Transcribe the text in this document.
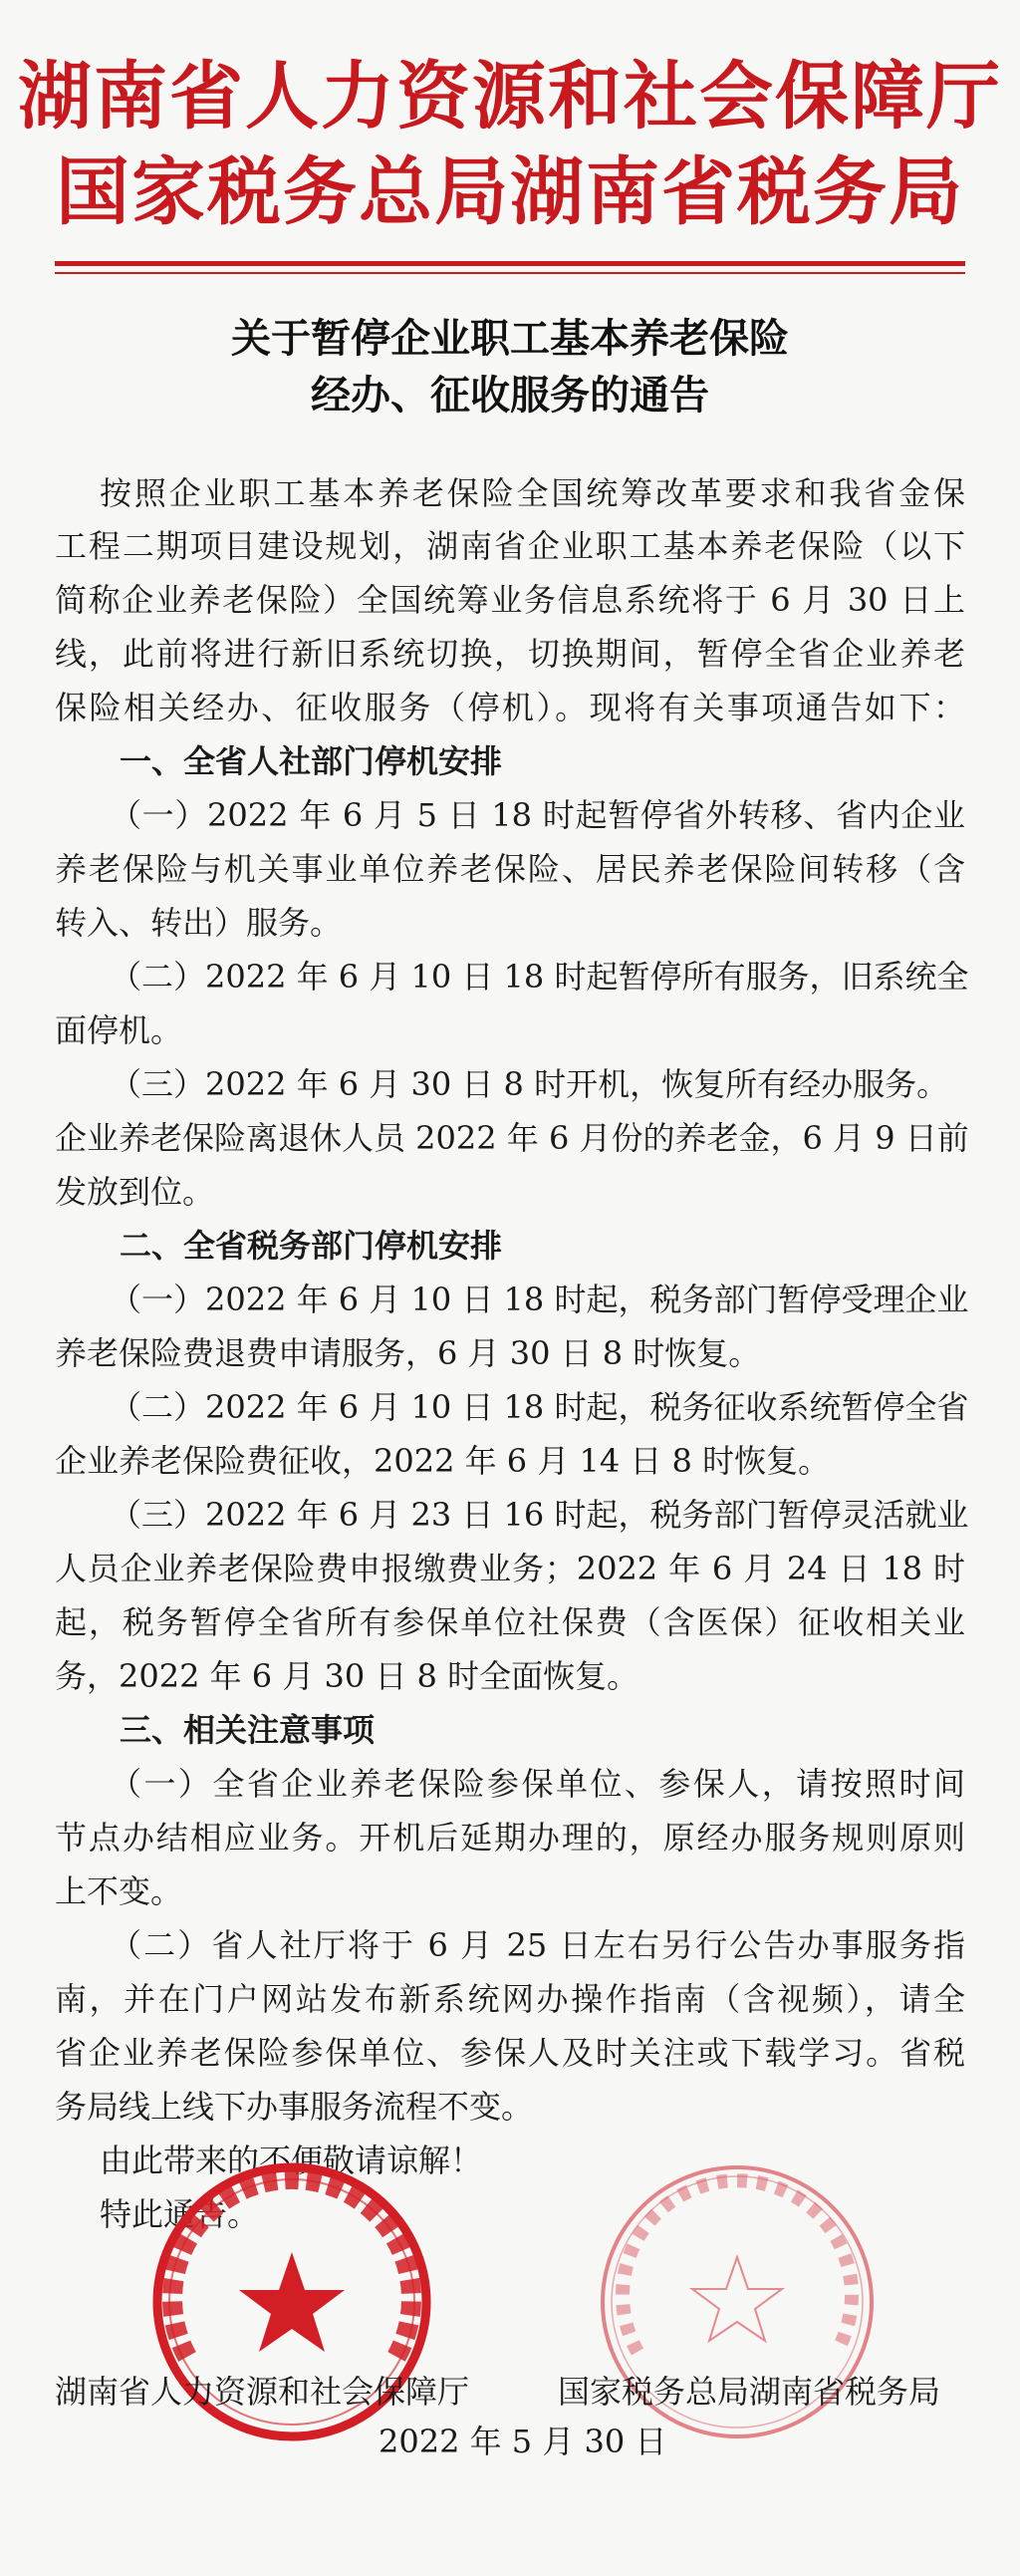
湖南省人力资源和社会保障厅
国家税务总局湖南省税务局
关于暂停企业职工基本养老保险
经办、征收服务的通告
按照企业职工基本养老保险全国统筹改革要求和我省金保
工程二期项目建设规划，湖南省企业职工基本养老保险（以下
简称企业养老保险）全国统筹业务信息系统将于 6 月 30 日上
线，此前将进行新旧系统切换，切换期间，暂停全省企业养老
保险相关经办、征收服务（停机）。现将有关事项通告如下：
一、全省人社部门停机安排
（一）2022 年 6 月 5 日 18 时起暂停省外转移、省内企业
养老保险与机关事业单位养老保险、居民养老保险间转移（含
转入、转出）服务。
（二）2022 年 6 月 10 日 18 时起暂停所有服务，旧系统全
面停机。
（三）2022 年 6 月 30 日 8 时开机，恢复所有经办服务。
企业养老保险离退休人员 2022 年 6 月份的养老金，6 月 9 日前
发放到位。
二、全省税务部门停机安排
（一）2022 年 6 月 10 日 18 时起，税务部门暂停受理企业
养老保险费退费申请服务，6 月 30 日 8 时恢复。
（二）2022 年 6 月 10 日 18 时起，税务征收系统暂停全省
企业养老保险费征收，2022 年 6 月 14 日 8 时恢复。
（三）2022 年 6 月 23 日 16 时起，税务部门暂停灵活就业
人员企业养老保险费申报缴费业务；2022 年 6 月 24 日 18 时
起，税务暂停全省所有参保单位社保费（含医保）征收相关业
务，2022 年 6 月 30 日 8 时全面恢复。
三、相关注意事项
（一）全省企业养老保险参保单位、参保人，请按照时间
节点办结相应业务。开机后延期办理的，原经办服务规则原则
上不变。
（二）省人社厅将于 6 月 25 日左右另行公告办事服务指
南，并在门户网站发布新系统网办操作指南（含视频），请全
省企业养老保险参保单位、参保人及时关注或下载学习。省税
务局线上线下办事服务流程不变。
由此带来的不便敬请谅解！
特此通告。
湖南省人力资源和社会保障厅	国家税务总局湖南省税务局
2022 年 5 月 30 日
